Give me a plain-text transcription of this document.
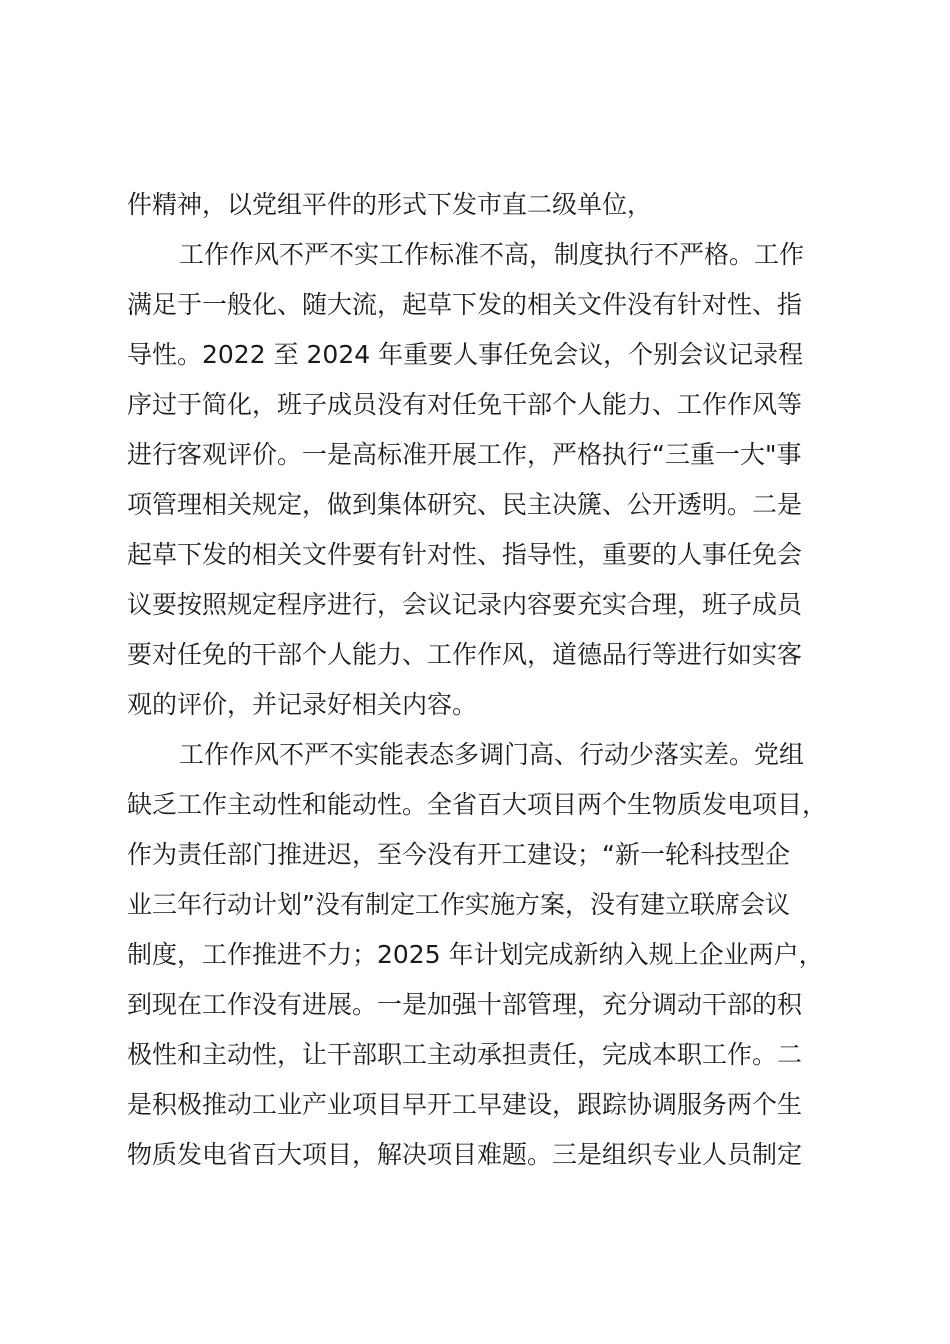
件精神，以党组平件的形式下发市直二级单位，
工作作风不严不实工作标准不高，制度执行不严格。工作
满足于一般化、随大流，起草下发的相关文件没有针对性、指
导性。2022 至 2024 年重要人事任免会议，个别会议记录程
序过于简化，班子成员没有对任免干部个人能力、工作作风等
进行客观评价。一是高标准开展工作，严格执行“三重一大"事
项管理相关规定，做到集体研究、民主决篪、公开透明。二是
起草下发的相关文件要有针对性、指导性，重要的人事任免会
议要按照规定程序进行，会议记录内容要充实合理，班子成员
要对任免的干部个人能力、工作作风，道德品行等进行如实客
观的评价，并记录好相关内容。
工作作风不严不实能表态多调门高、行动少落实差。党组
缺乏工作主动性和能动性。全省百大项目两个生物质发电项目，
作为责任部门推进迟，至今没有开工建设；“新一轮科技型企
业三年行动计划”没有制定工作实施方案，没有建立联席会议
制度，工作推进不力；2025 年计划完成新纳入规上企业两户，
到现在工作没有进展。一是加强十部管理，充分调动干部的积
极性和主动性，让干部职工主动承担责任，完成本职工作。二
是积极推动工业产业项目早开工早建设，跟踪协调服务两个生
物质发电省百大项目，解决项目难题。三是组织专业人员制定
